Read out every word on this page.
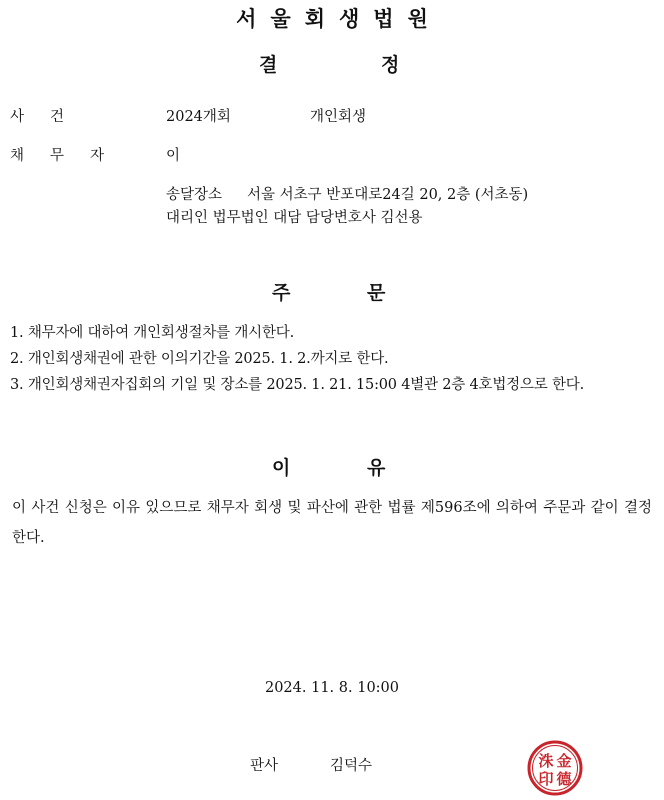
서울회생법원
결	정
사건	2024개회	개인회생
채무자 이
송달장소 서울 서초구 반포대로24길 20, 2층 (서초동)
대리인 법무법인 대담 담당변호사 김선용
주	문
1. 채무자에 대하여 개인회생절차를 개시한다.
2. 개인회생채권에 관한 이의기간을 2025. 1. 2.까지로 한다.
3. 개인회생채권자집회의 기일 및 장소를 2025. 1. 21. 15:00 4별관 2층 4호법정으로 한다.
이	유
이 사건 신청은 이유 있으므로 채무자 회생 및 파산에 관한 법률 제596조에 의하여 주문과 같이 결정한다.
2024. 11. 8. 10:00
판사	김덕수	洙 金
印 德
